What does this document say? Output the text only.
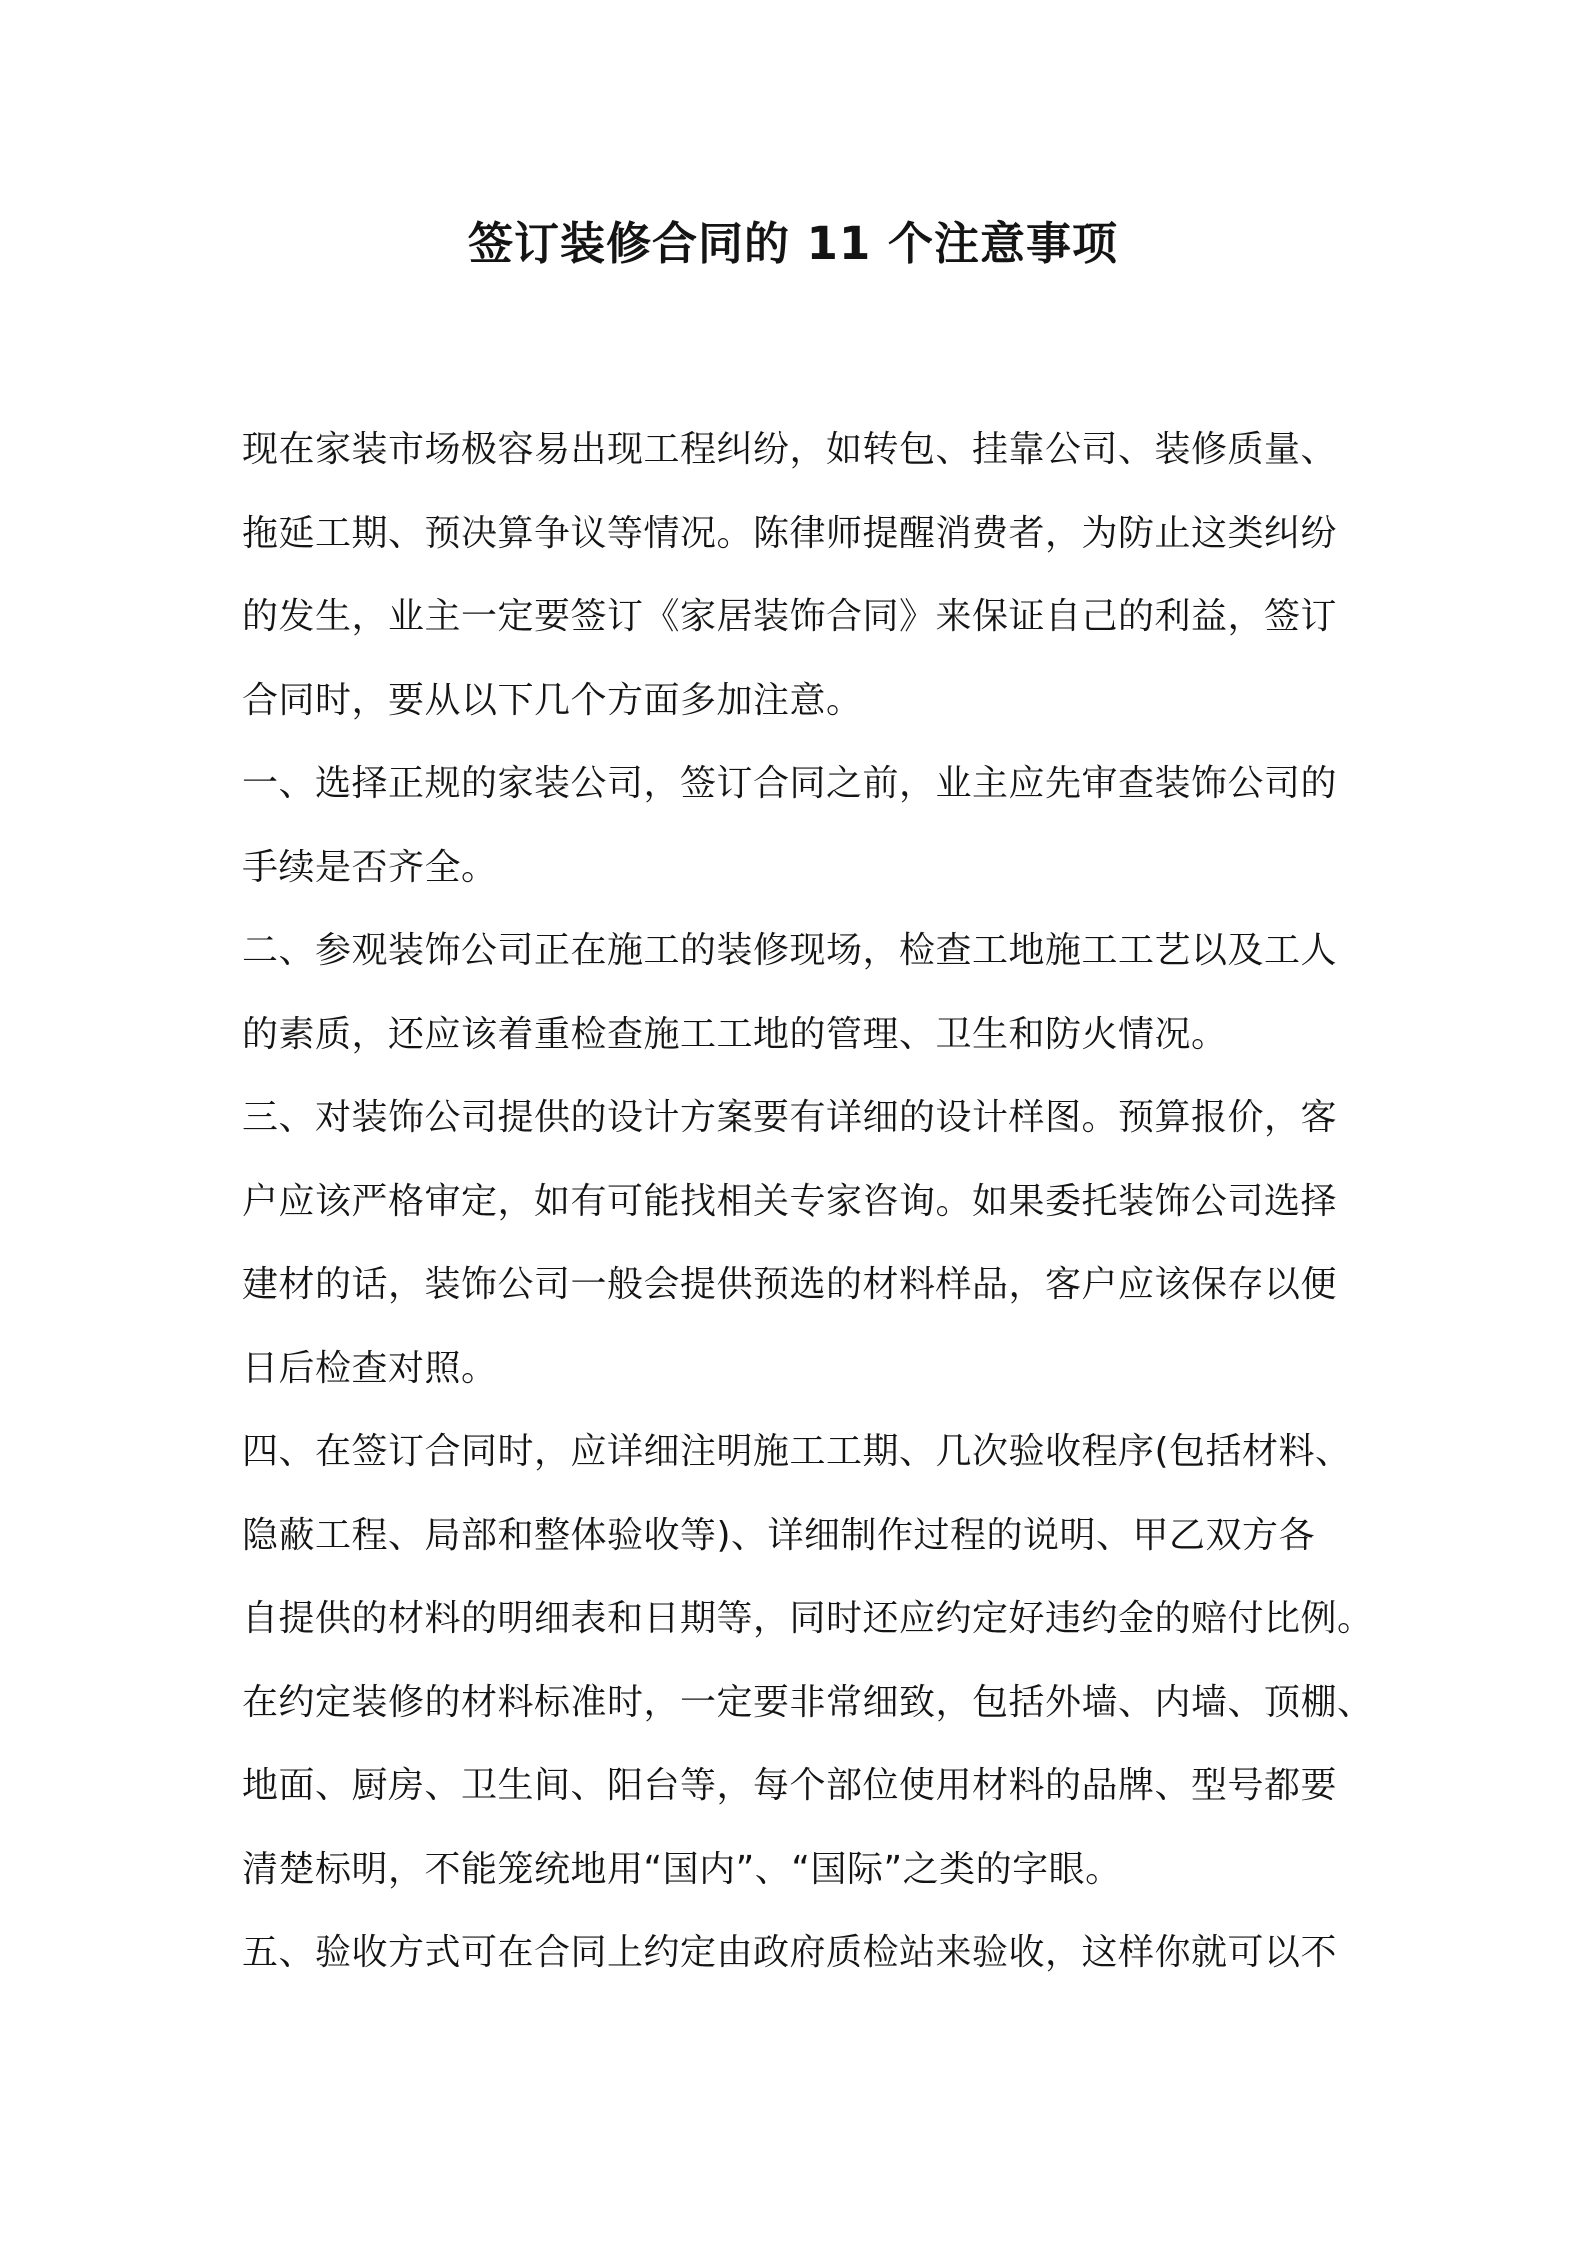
签订装修合同的 11 个注意事项
现在家装市场极容易出现工程纠纷，如转包、挂靠公司、装修质量、
拖延工期、预决算争议等情况。陈律师提醒消费者，为防止这类纠纷
的发生，业主一定要签订《家居装饰合同》来保证自己的利益，签订
合同时，要从以下几个方面多加注意。
一、选择正规的家装公司，签订合同之前，业主应先审查装饰公司的
手续是否齐全。
二、参观装饰公司正在施工的装修现场，检查工地施工工艺以及工人
的素质，还应该着重检查施工工地的管理、卫生和防火情况。
三、对装饰公司提供的设计方案要有详细的设计样图。预算报价，客
户应该严格审定，如有可能找相关专家咨询。如果委托装饰公司选择
建材的话，装饰公司一般会提供预选的材料样品，客户应该保存以便
日后检查对照。
四、在签订合同时，应详细注明施工工期、几次验收程序(包括材料、
隐蔽工程、局部和整体验收等)、详细制作过程的说明、甲乙双方各
自提供的材料的明细表和日期等，同时还应约定好违约金的赔付比例。
在约定装修的材料标准时，一定要非常细致，包括外墙、内墙、顶棚、
地面、厨房、卫生间、阳台等，每个部位使用材料的品牌、型号都要
清楚标明，不能笼统地用“国内”、“国际”之类的字眼。
五、验收方式可在合同上约定由政府质检站来验收，这样你就可以不
